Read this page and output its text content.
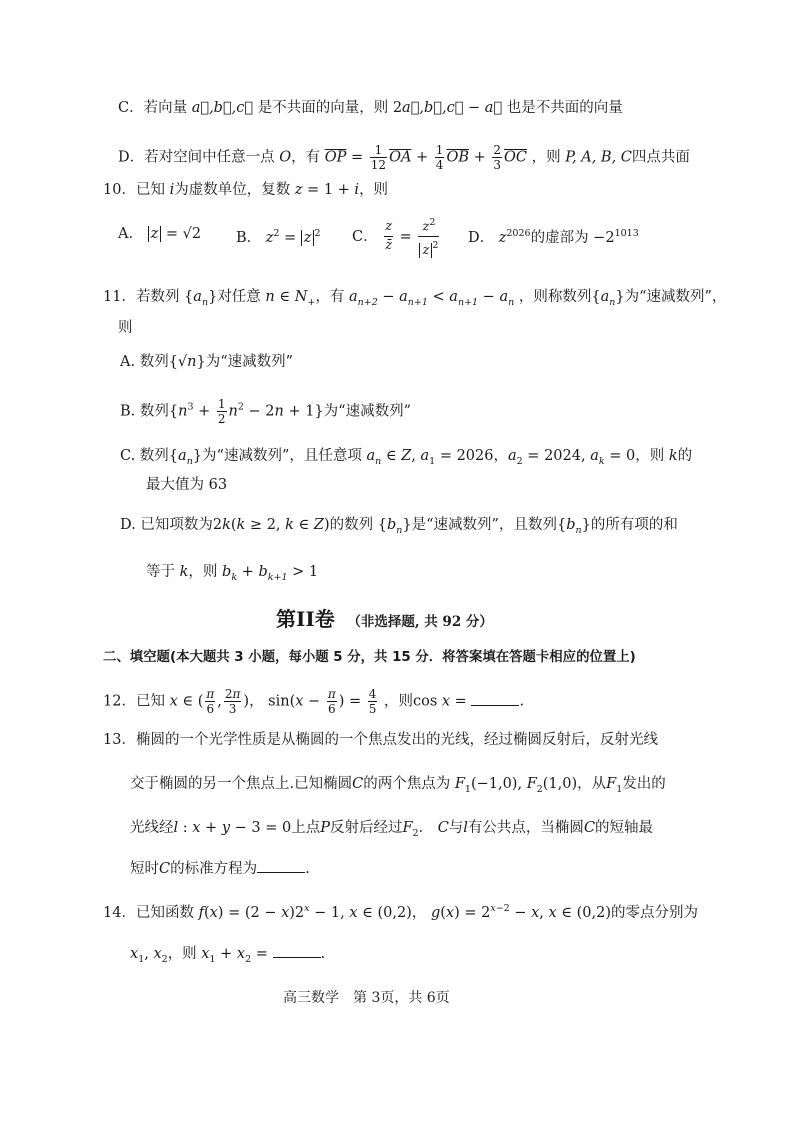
C．若向量 a⃗,b⃗,c⃗ 是不共面的向量，则 2a⃗,b⃗,c⃗ − a⃗ 也是不共面的向量
D．若对空间中任意一点 O，有 $\overline{OP} = \frac{1}{12} \overline{OA} + \frac{1}{4} \overline{OB} + \frac{2}{3} \overline{OC}$ ，则 P, A, B, C四点共面
10．已知 i为虚数单位，复数 z = 1 + i，则
A． z = √2 B． $z^2 = z$ $^2$ C． $\frac{z}{z̄} = \frac{z^2}{z ^2}$ D． $z^{2026}$的虚部为 $-2^{1013}$
11．若数列 $\{a_n\}$对任意 n ∈ $N_+$，有 $a_{n+2} - a_{n+1} < a_{n+1} - a_n$ ，则称数列$\{a_n\}$为“速减数列”，
则
A. 数列{√n}为“速减数列”
B. 数列$\{n^3 + \frac{1}{2} n^2 - 2n + 1\}$为“速减数列”
C. 数列$\{a_n\}$为“速减数列”，且任意项 $a_n$ ∈ Z, $a_1 = 2026$，$a_2 = 2024$, $a_k = 0$，则 k的
最大值为 63
D. 已知项数为2k(k ≥ 2, k ∈ Z)的数列 $\{b_n\}$是“速减数列”，且数列$\{b_n\}$的所有项的和
等于 k，则 $b_k + b_{k+1} > 1$
第II卷 （非选择题, 共 92 分）
二、填空题(本大题共 3 小题，每小题 5 分，共 15 分．将答案填在答题卡相应的位置上)
12．已知 x ∈ ( $\frac{\pi}{6}$ , $\frac{2\pi}{3}$ )， $\sin(x - \frac{\pi}{6}$ ) = $\frac{4}{5}$ ，则cos x =	.
13．椭圆的一个光学性质是从椭圆的一个焦点发出的光线，经过椭圆反射后，反射光线
交于椭圆的另一个焦点上.已知椭圆C的两个焦点为 $F_1(-1,0)$, $F_2(1,0)$，从$F_1$发出的
光线经l : x + y − 3 = 0上点P反射后经过$F_2$． C与l有公共点，当椭圆C的短轴最
短时C的标准方程为	.
14．已知函数 $f(x) = (2 - x)2^x - 1$, x ∈ (0,2)， $g(x) = 2^{x-2} - x$, x ∈ (0,2)的零点分别为
$x_1$, $x_2$，则 $x_1 + x_2$ =	.
高三数学　第 3页，共 6页
